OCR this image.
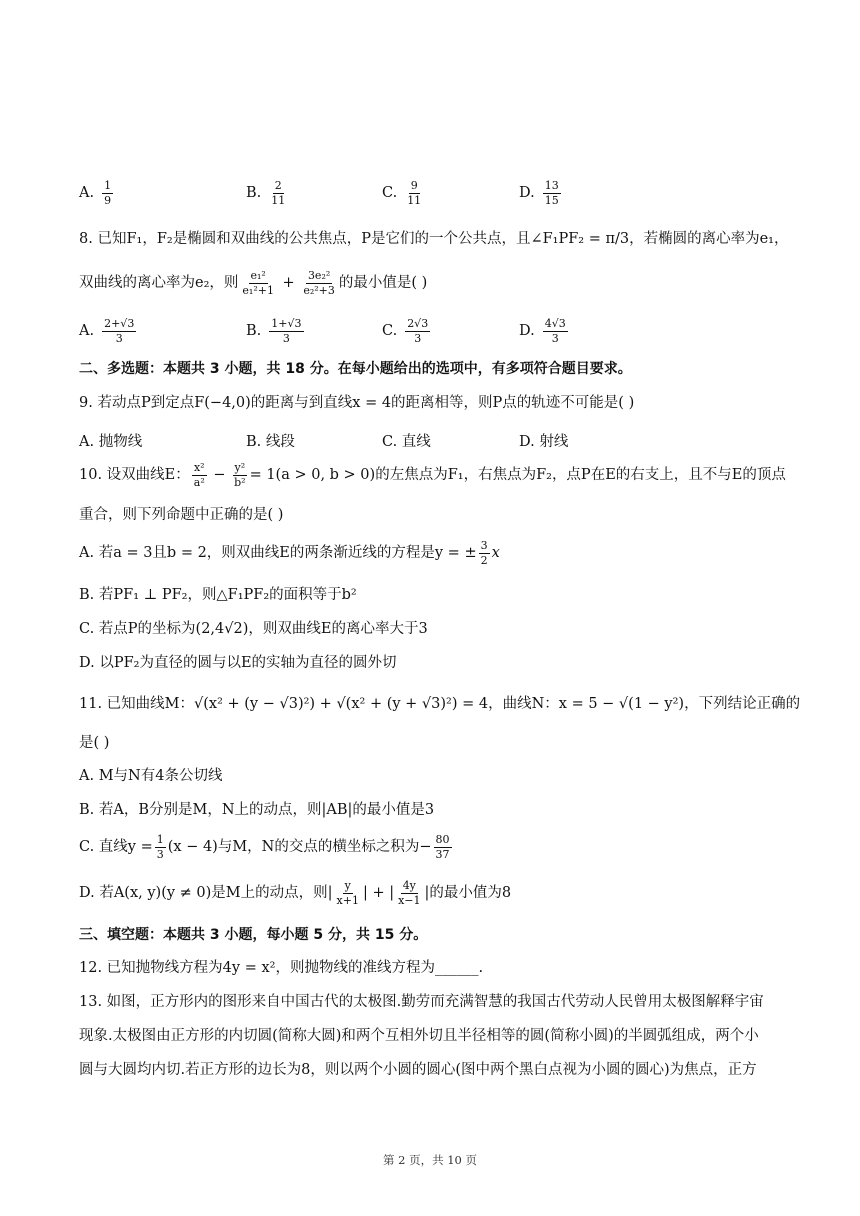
A. $\frac{1}{9}$	B. $\frac{2}{11}$	C. $\frac{9}{11}$	D. $\frac{13}{15}$
8. 已知F₁，F₂是椭圆和双曲线的公共焦点，P是它们的一个公共点，且∠F₁PF₂ = π/3，若椭圆的离心率为e₁，
双曲线的离心率为e₂，则 $\frac{\text{e₁²}}{\text{e₁²+1}} + \frac{\text{3e₂²}}{\text{e₂²+3}}$ 的最小值是( )
A. $\frac{2+√3}{3}$	B. $\frac{1+√3}{3}$	C. $\frac{2√3}{3}$	D. $\frac{4√3}{3}$
二、多选题：本题共 3 小题，共 18 分。在每小题给出的选项中，有多项符合题目要求。
9. 若动点P到定点F(−4,0)的距离与到直线x = 4的距离相等，则P点的轨迹不可能是( )
A. 抛物线	B. 线段	C. 直线	D. 射线
10. 设双曲线E： $\frac{\text{x²}}{\text{a²}} - \frac{\text{y²}}{\text{b²}} = 1(a > 0$, b > 0)的左焦点为F₁，右焦点为F₂，点P在E的右支上，且不与E的顶点
重合，则下列命题中正确的是( )
A. 若a = 3且b = 2，则双曲线E的两条渐近线的方程是y = ± $\frac{3}{2}$ x
B. 若PF₁ ⊥ PF₂，则△F₁PF₂的面积等于b²
C. 若点P的坐标为(2,4√2)，则双曲线E的离心率大于3
D. 以PF₂为直径的圆与以E的实轴为直径的圆外切
11. 已知曲线M：√(x² + (y − √3)²) + √(x² + (y + √3)²) = 4，曲线N：x = 5 − √(1 − y²)，下列结论正确的
是( )
A. M与N有4条公切线
B. 若A，B分别是M，N上的动点，则|AB|的最小值是3
C. 直线$y = \frac{1}{3} (x - 4)$与M，N的交点的横坐标之积为− $\frac{80}{37}$
D. 若A(x, y)(y ≠ 0)是M上的动点，则| $\frac{y}{x+1}$ | + | $\frac{4y}{x-1}$ |的最小值为8
三、填空题：本题共 3 小题，每小题 5 分，共 15 分。
12. 已知抛物线方程为4y = x²，则抛物线的准线方程为______.
13. 如图，正方形内的图形来自中国古代的太极图.勤劳而充满智慧的我国古代劳动人民曾用太极图解释宇宙
现象.太极图由正方形的内切圆(简称大圆)和两个互相外切且半径相等的圆(简称小圆)的半圆弧组成，两个小
圆与大圆均内切.若正方形的边长为8，则以两个小圆的圆心(图中两个黑白点视为小圆的圆心)为焦点，正方
第 2 页，共 10 页
